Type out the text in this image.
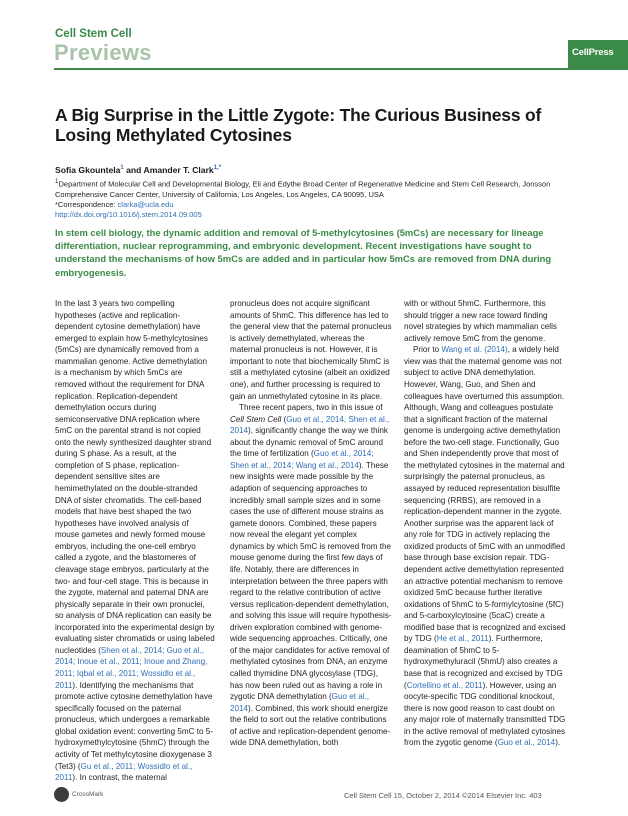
Cell Stem Cell
Previews	CellPress
A Big Surprise in the Little Zygote: The Curious Business of Losing Methylated Cytosines
Sofia Gkountela$^1$ and Amander T. Clark$^{1,*}$
$^1$Department of Molecular Cell and Developmental Biology, Eli and Edythe Broad Center of Regenerative Medicine and Stem Cell Research, Jonsson Comprehensive Cancer Center, University of California, Los Angeles, Los Angeles, CA 90095, USA
*Correspondence: clarka@ucla.edu
http://dx.doi.org/10.1016/j.stem.2014.09.005

In stem cell biology, the dynamic addition and removal of 5-methylcytosines (5mCs) are necessary for lineage differentiation, nuclear reprogramming, and embryonic development. Recent investigations have sought to understand the mechanisms of how 5mCs are added and in particular how 5mCs are removed from DNA during embryogenesis.

In the last 3 years two compelling hypotheses (active and replication-dependent cytosine demethylation) have emerged to explain how 5-methylcytosines (5mCs) are dynamically removed from a mammalian genome. Active demethylation is a mechanism by which 5mCs are removed without the requirement for DNA replication. Replication-dependent demethylation occurs during semiconservative DNA replication where 5mC on the parental strand is not copied onto the newly synthesized daughter strand during S phase. As a result, at the completion of S phase, replication-dependent sensitive sites are hemimethylated on the double-stranded DNA of sister chromatids. The cell-based models that have best shaped the two hypotheses have involved analysis of mouse gametes and newly formed mouse embryos, including the one-cell embryo called a zygote, and the blastomeres of cleavage stage embryos, particularly at the two- and four-cell stage. This is because in the zygote, maternal and paternal DNA are physically separate in their own pronuclei, so analysis of DNA replication can easily be incorporated into the experimental design by evaluating sister chromatids or using labeled nucleotides (Shen et al., 2014; Guo et al., 2014; Inoue et al., 2011; Inoue and Zhang, 2011; Iqbal et al., 2011; Wossidlo et al., 2011). Identifying the mechanisms that promote active cytosine demethylation have specifically focused on the paternal pronucleus, which undergoes a remarkable global oxidation event: converting 5mC to 5-hydroxymethylcytosine (5hmC) through the activity of Tet methylcytosine dioxygenase 3 (Tet3) (Gu et al., 2011; Wossidlo et al., 2011). In contrast, the maternal

pronucleus does not acquire significant amounts of 5hmC. This difference has led to the general view that the paternal pronucleus is actively demethylated, whereas the maternal pronucleus is not. However, it is important to note that biochemically 5hmC is still a methylated cytosine (albeit an oxidized one), and further processing is required to gain an unmethylated cytosine in its place.

Three recent papers, two in this issue of Cell Stem Cell (Guo et al., 2014, Shen et al., 2014), significantly change the way we think about the dynamic removal of 5mC around the time of fertilization (Guo et al., 2014; Shen et al., 2014; Wang et al., 2014). These new insights were made possible by the adaption of sequencing approaches to incredibly small sample sizes and in some cases the use of different mouse strains as gamete donors. Combined, these papers now reveal the elegant yet complex dynamics by which 5mC is removed from the mouse genome during the first few days of life. Notably, there are differences in interpretation between the three papers with regard to the relative contribution of active versus replication-dependent demethylation, and solving this issue will require hypothesis-driven exploration combined with genome-wide sequencing approaches. Critically, one of the major candidates for active removal of methylated cytosines from DNA, an enzyme called thymidine DNA glycosylase (TDG), has now been ruled out as having a role in zygotic DNA demethylation (Guo et al., 2014). Combined, this work should energize the field to sort out the relative contributions of active and replication-dependent genome-wide DNA demethylation, both

with or without 5hmC. Furthermore, this should trigger a new race toward finding novel strategies by which mammalian cells actively remove 5mC from the genome.

Prior to Wang et al. (2014), a widely held view was that the maternal genome was not subject to active DNA demethylation. However, Wang, Guo, and Shen and colleagues have overturned this assumption. Although, Wang and colleagues postulate that a significant fraction of the maternal genome is undergoing active demethylation before the two-cell stage. Functionally, Guo and Shen independently prove that most of the methylated cytosines in the maternal and surprisingly the paternal pronucleus, as assayed by reduced representation bisulfite sequencing (RRBS), are removed in a replication-dependent manner in the zygote. Another surprise was the apparent lack of any role for TDG in actively replacing the oxidized products of 5mC with an unmodified base through base excision repair. TDG-dependent active demethylation represented an attractive potential mechanism to remove oxidized 5mC because further iterative oxidations of 5hmC to 5-formylcytosine (5fC) and 5-carboxylcytosine (5caC) create a modified base that is recognized and excised by TDG (He et al., 2011). Furthermore, deamination of 5hmC to 5-hydroxymethyluracil (5hmU) also creates a base that is recognized and excised by TDG (Cortellino et al., 2011). However, using an oocyte-specific TDG conditional knockout, there is now good reason to cast doubt on any major role of maternally transmitted TDG in the active removal of methylated cytosines from the zygotic genome (Guo et al., 2014).

CrossMark	Cell Stem Cell 15, October 2, 2014 ©2014 Elsevier Inc. 403
